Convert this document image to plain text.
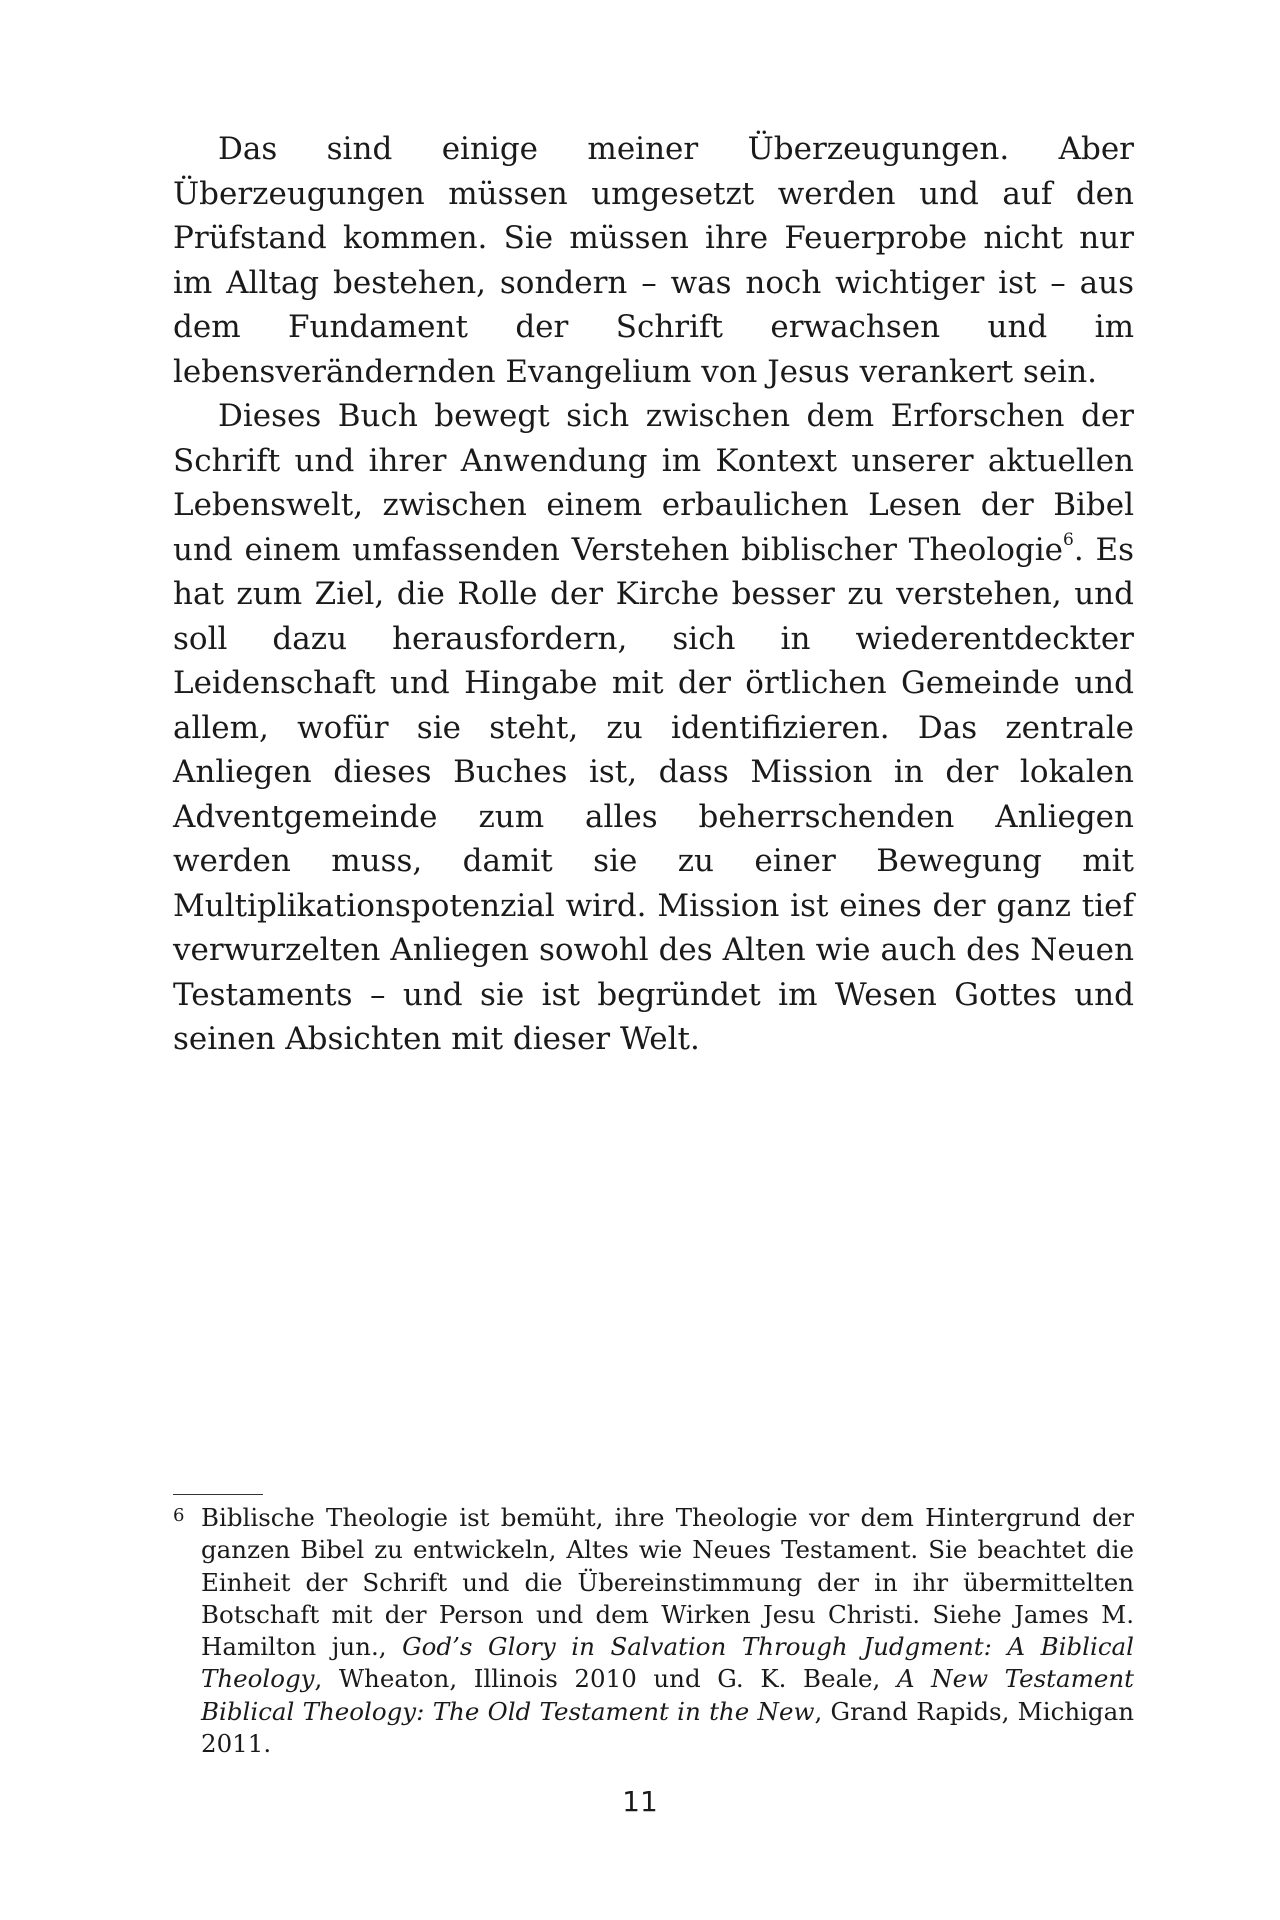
Das sind einige meiner Überzeugungen. Aber Überzeugungen müssen umgesetzt werden und auf den Prüfstand kommen. Sie müssen ihre Feuerprobe nicht nur im Alltag bestehen, sondern – was noch wichtiger ist – aus dem Fundament der Schrift erwachsen und im lebensverändernden Evangelium von Jesus verankert sein.

Dieses Buch bewegt sich zwischen dem Erforschen der Schrift und ihrer Anwendung im Kontext unserer aktuellen Lebenswelt, zwischen einem erbaulichen Lesen der Bibel und einem umfassenden Verstehen biblischer Theologie$^6$. Es hat zum Ziel, die Rolle der Kirche besser zu verstehen, und soll dazu herausfordern, sich in wiederentdeckter Leidenschaft und Hingabe mit der örtlichen Gemeinde und allem, wofür sie steht, zu identifizieren. Das zentrale Anliegen dieses Buches ist, dass Mission in der lokalen Adventgemeinde zum alles beherrschenden Anliegen werden muss, damit sie zu einer Bewegung mit Multiplikationspotenzial wird. Mission ist eines der ganz tief verwurzelten Anliegen sowohl des Alten wie auch des Neuen Testaments – und sie ist begründet im Wesen Gottes und seinen Absichten mit dieser Welt.

6 Biblische Theologie ist bemüht, ihre Theologie vor dem Hintergrund der ganzen Bibel zu entwickeln, Altes wie Neues Testament. Sie beachtet die Einheit der Schrift und die Übereinstimmung der in ihr übermittelten Botschaft mit der Person und dem Wirken Jesu Christi. Siehe James M. Hamilton jun., God’s Glory in Salvation Through Judgment: A Biblical Theology, Wheaton, Illinois 2010 und G. K. Beale, A New Testament Biblical Theology: The Old Testament in the New, Grand Rapids, Michigan 2011.
11
